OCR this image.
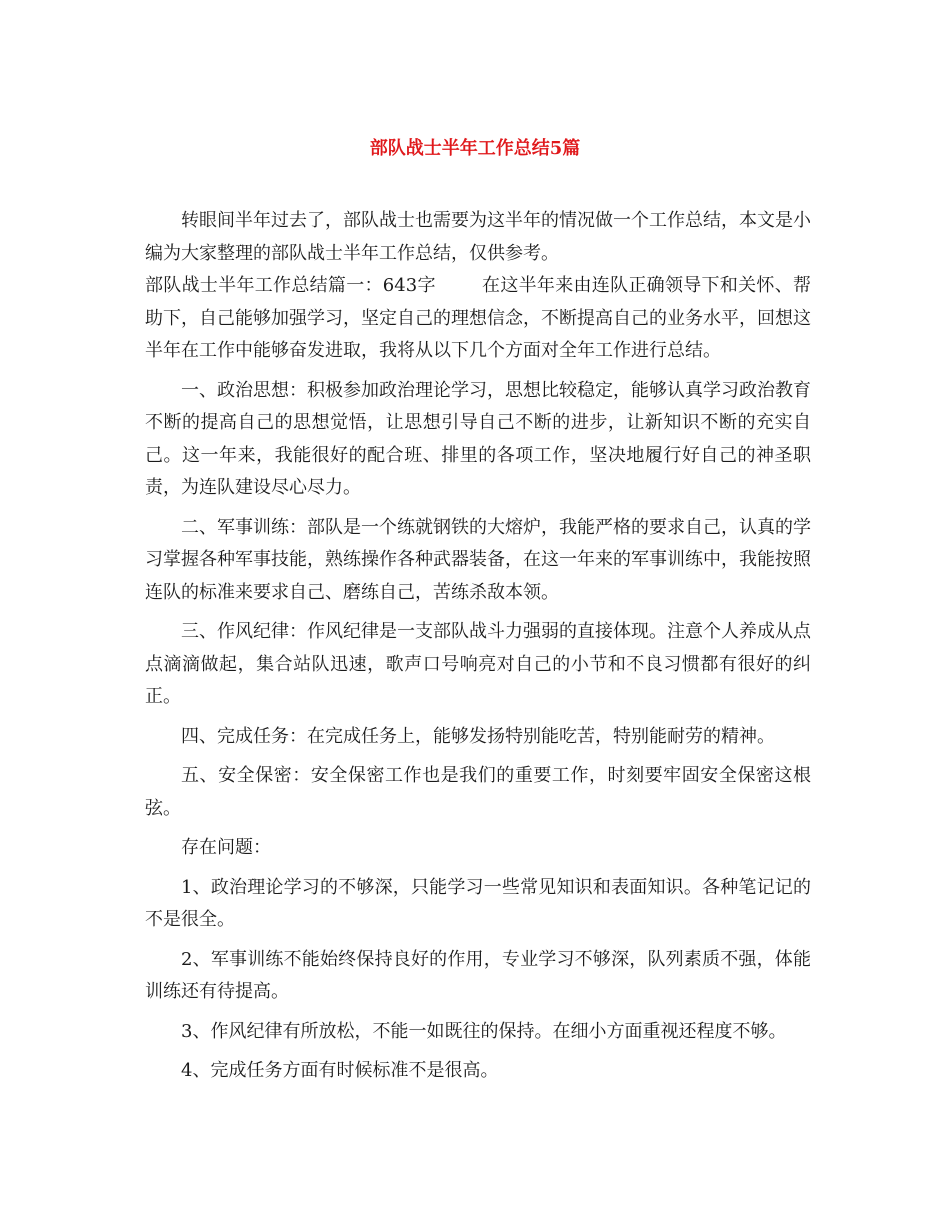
部队战士半年工作总结5篇

转眼间半年过去了，部队战士也需要为这半年的情况做一个工作总结，本文是小编为大家整理的部队战士半年工作总结，仅供参考。

部队战士半年工作总结篇一：643字	在这半年来由连队正确领导下和关怀、帮助下，自己能够加强学习，坚定自己的理想信念，不断提高自己的业务水平，回想这半年在工作中能够奋发进取，我将从以下几个方面对全年工作进行总结。

一、政治思想：积极参加政治理论学习，思想比较稳定，能够认真学习政治教育不断的提高自己的思想觉悟，让思想引导自己不断的进步，让新知识不断的充实自己。这一年来，我能很好的配合班、排里的各项工作，坚决地履行好自己的神圣职责，为连队建设尽心尽力。

二、军事训练：部队是一个练就钢铁的大熔炉，我能严格的要求自己，认真的学习掌握各种军事技能，熟练操作各种武器装备，在这一年来的军事训练中，我能按照连队的标准来要求自己、磨练自己，苦练杀敌本领。

三、作风纪律：作风纪律是一支部队战斗力强弱的直接体现。注意个人养成从点点滴滴做起，集合站队迅速，歌声口号响亮对自己的小节和不良习惯都有很好的纠正。

四、完成任务：在完成任务上，能够发扬特别能吃苦，特别能耐劳的精神。

五、安全保密：安全保密工作也是我们的重要工作，时刻要牢固安全保密这根弦。

存在问题：

1、政治理论学习的不够深，只能学习一些常见知识和表面知识。各种笔记记的不是很全。

2、军事训练不能始终保持良好的作用，专业学习不够深，队列素质不强，体能训练还有待提高。

3、作风纪律有所放松，不能一如既往的保持。在细小方面重视还程度不够。

4、完成任务方面有时候标准不是很高。
